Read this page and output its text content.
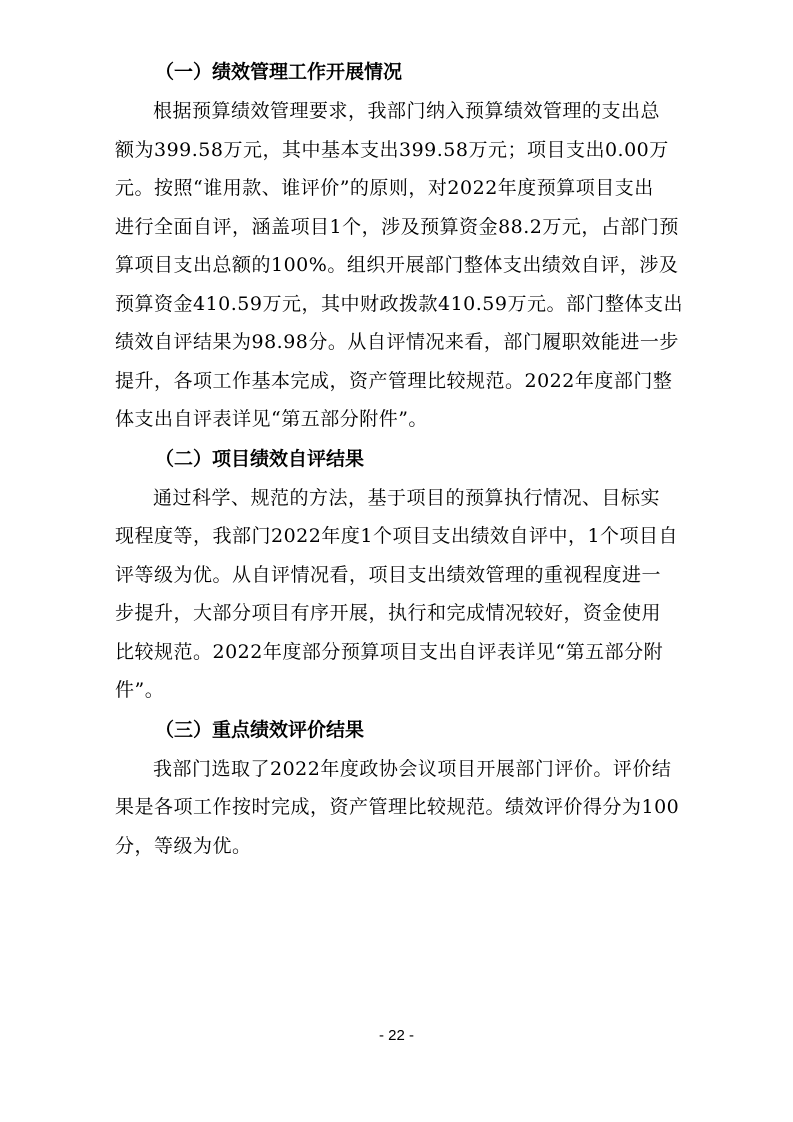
（一）绩效管理工作开展情况

根据预算绩效管理要求，我部门纳入预算绩效管理的支出总
额为399.58万元，其中基本支出399.58万元；项目支出0.00万
元。按照“谁用款、谁评价”的原则，对2022年度预算项目支出
进行全面自评，涵盖项目1个，涉及预算资金88.2万元，占部门预
算项目支出总额的100%。组织开展部门整体支出绩效自评，涉及
预算资金410.59万元，其中财政拨款410.59万元。部门整体支出
绩效自评结果为98.98分。从自评情况来看，部门履职效能进一步
提升，各项工作基本完成，资产管理比较规范。2022年度部门整
体支出自评表详见“第五部分附件”。

（二）项目绩效自评结果

通过科学、规范的方法，基于项目的预算执行情况、目标实
现程度等，我部门2022年度1个项目支出绩效自评中，1个项目自
评等级为优。从自评情况看，项目支出绩效管理的重视程度进一
步提升，大部分项目有序开展，执行和完成情况较好，资金使用
比较规范。2022年度部分预算项目支出自评表详见“第五部分附
件”。

（三）重点绩效评价结果

我部门选取了2022年度政协会议项目开展部门评价。评价结
果是各项工作按时完成，资产管理比较规范。绩效评价得分为100
分，等级为优。

- 22 -
